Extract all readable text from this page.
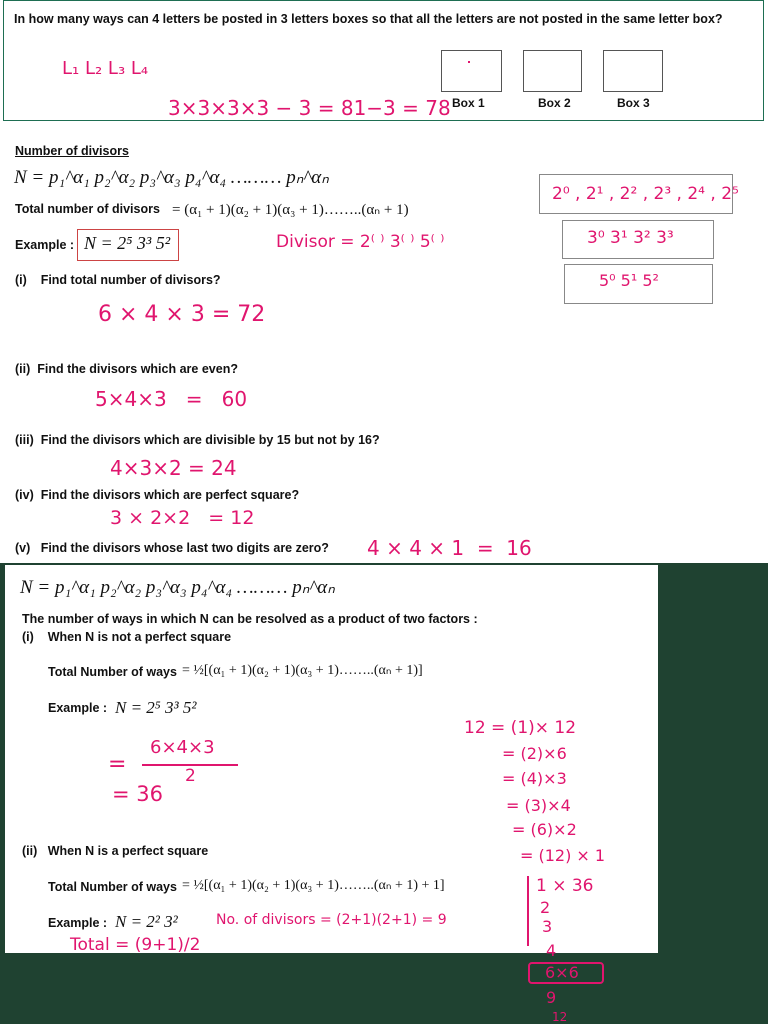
In how many ways can 4 letters be posted in 3 letters boxes so that all the letters are not posted in the same letter box?
Box 1	Box 2	Box 3
L₁ L₂ L₃ L₄
3×3×3×3 − 3 = 81−3 = 78
Number of divisors
N = p₁^α₁ p₂^α₂ p₃^α₃ p₄^α₄ ……… pₙ^αₙ
Total number of divisors = (α₁ + 1)(α₂ + 1)(α₃ + 1)……..(αₙ + 1)
Example : N = 2⁵ 3³ 5²	Divisor = 2⁽ ⁾ 3⁽ ⁾ 5⁽ ⁾
2⁰ , 2¹ , 2² , 2³ , 2⁴ , 2⁵
3⁰ 3¹ 3² 3³
5⁰ 5¹ 5²
(i)    Find total number of divisors?
6 × 4 × 3 = 72
(ii)  Find the divisors which are even?
5×4×3   =   60
(iii)  Find the divisors which are divisible by 15 but not by 16?
4×3×2 = 24
(iv)  Find the divisors which are perfect square?
3 × 2×2   = 12
(v)   Find the divisors whose last two digits are zero? 4 × 4 × 1  =  16
N = p₁^α₁ p₂^α₂ p₃^α₃ p₄^α₄ ……… pₙ^αₙ
The number of ways in which N can be resolved as a product of two factors :
(i)    When N is not a perfect square
Total Number of ways = ½[(α₁ + 1)(α₂ + 1)(α₃ + 1)……..(αₙ + 1)]
Example : N = 2⁵ 3³ 5²
6×4×3
=	2
= 36
(ii)   When N is a perfect square
Total Number of ways = ½[(α₁ + 1)(α₂ + 1)(α₃ + 1)……..(αₙ + 1) + 1]
Example : N = 2² 3²	No. of divisors = (2+1)(2+1) = 9
Total = (9+1)/2
12 = (1)× 12
= (2)×6
= (4)×3
= (3)×4
= (6)×2
= (12) × 1
1 × 36
2
3
4
6×6
9
12
